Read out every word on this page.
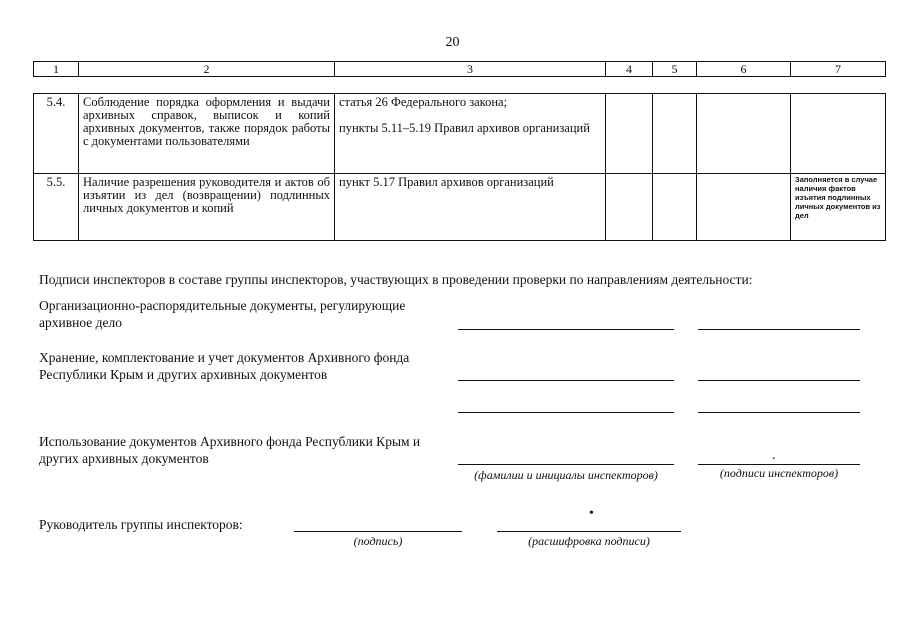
20
1	2	3	4	5	6	7
5.4.	Соблюдение порядка оформления и выдачи архивных справок, выписок и копий архивных документов, также порядок работы с документами пользователями	статья 26 Федерального закона;
пункты 5.11–5.19 Правил архивов организаций				
5.5.	Наличие разрешения руководителя и актов об изъятии из дел (возвращении) подлинных личных документов и копий	пункт 5.17 Правил архивов организаций				Заполняется в случае наличия фактов изъятия подлинных личных документов из дел
Подписи инспекторов в составе группы инспекторов, участвующих в проведении проверки по направлениям деятельности:
Организационно-распорядительные документы, регулирующие архивное дело
Хранение, комплектование и учет документов Архивного фонда Республики Крым и других архивных документов
Использование документов Архивного фонда Республики Крым и других архивных документов	.
(фамилии и инициалы инспекторов)	(подписи инспекторов)
Руководитель группы инспекторов:
•
(подпись)	(расшифровка подписи)
